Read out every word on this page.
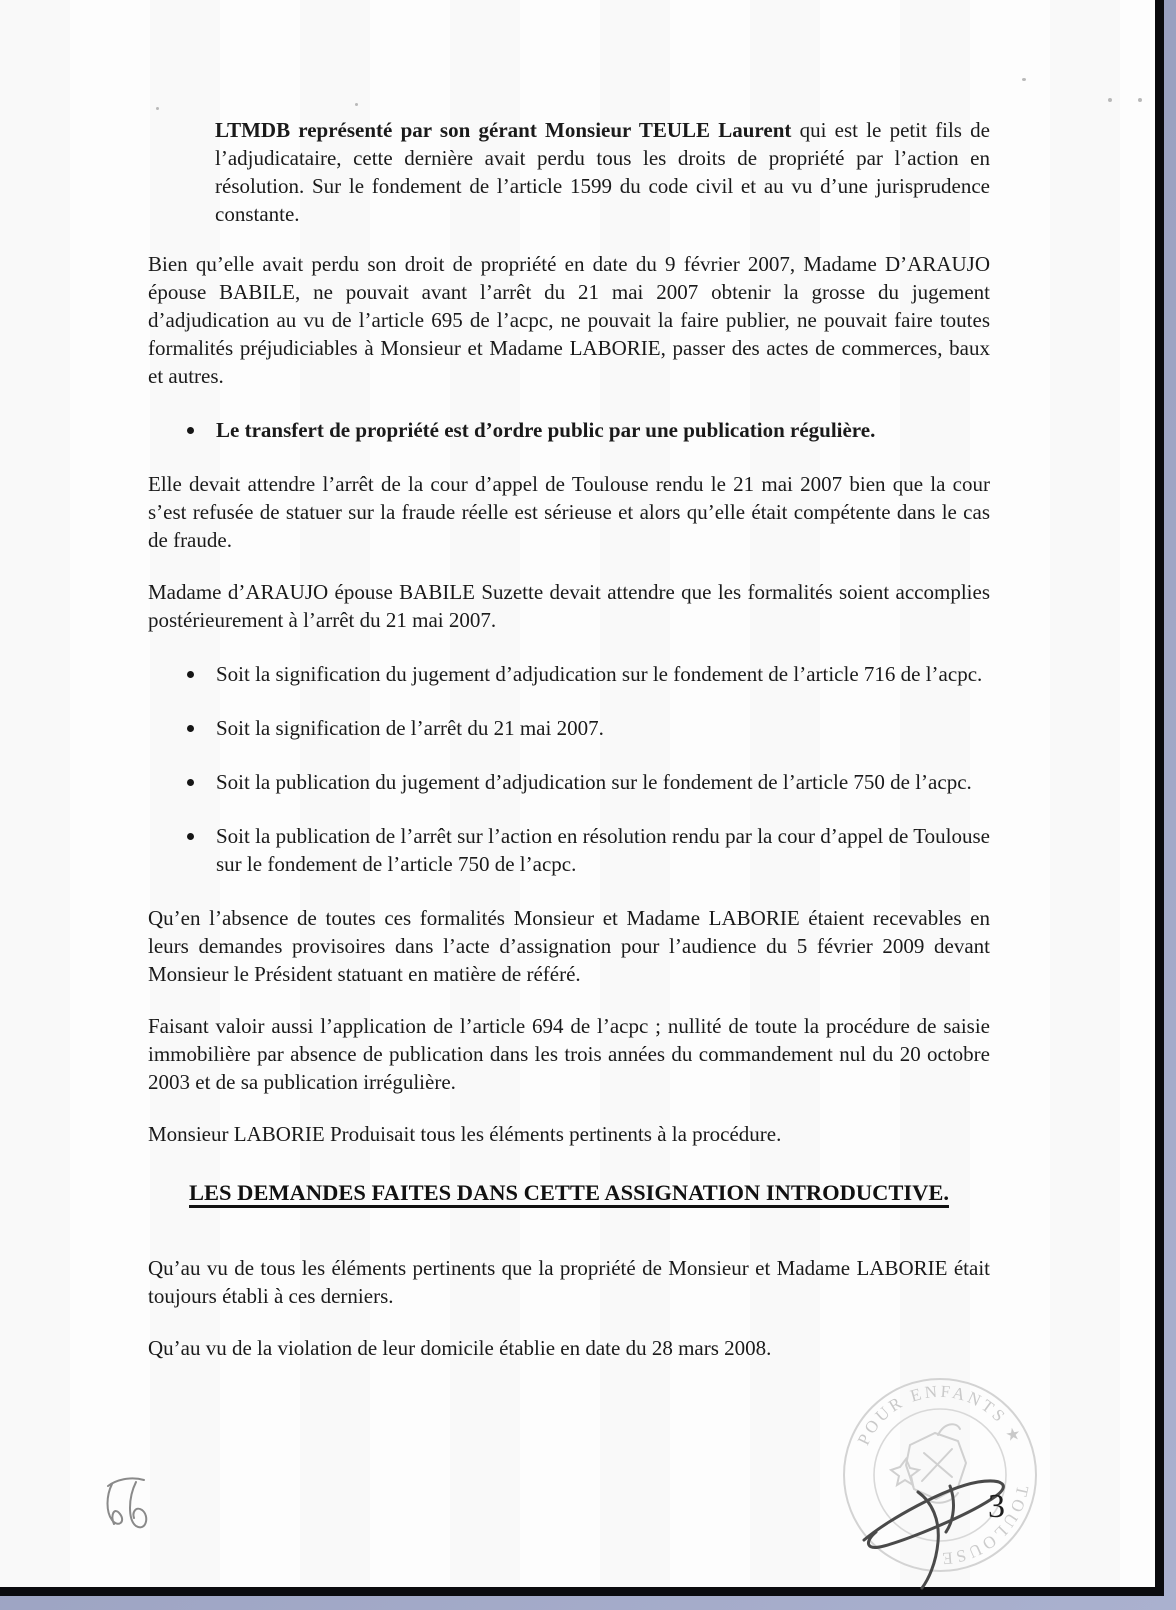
LTMDB représenté par son gérant Monsieur TEULE Laurent qui est le petit fils de l’adjudicataire, cette dernière avait perdu tous les droits de propriété par l’action en résolution. Sur le fondement de l’article 1599 du code civil et au vu d’une jurisprudence constante.

Bien qu’elle avait perdu son droit de propriété en date du 9 février 2007, Madame D’ARAUJO épouse BABILE, ne pouvait avant l’arrêt du 21 mai 2007 obtenir la grosse du jugement d’adjudication au vu de l’article 695 de l’acpc, ne pouvait la faire publier, ne pouvait faire toutes formalités préjudiciables à Monsieur et Madame LABORIE, passer des actes de commerces, baux et autres.

Le transfert de propriété est d’ordre public par une publication régulière.

Elle devait attendre l’arrêt de la cour d’appel de Toulouse rendu le 21 mai 2007 bien que la cour s’est refusée de statuer sur la fraude réelle est sérieuse et alors qu’elle était compétente dans le cas de fraude.

Madame d’ARAUJO épouse BABILE Suzette devait attendre que les formalités soient accomplies postérieurement à l’arrêt du 21 mai 2007.

Soit la signification du jugement d’adjudication sur le fondement de l’article 716 de l’acpc.
Soit la signification de l’arrêt du 21 mai 2007.
Soit la publication du jugement d’adjudication sur le fondement de l’article 750 de l’acpc.
Soit la publication de l’arrêt sur l’action en résolution rendu par la cour d’appel de Toulouse sur le fondement de l’article 750 de l’acpc.

Qu’en l’absence de toutes ces formalités Monsieur et Madame LABORIE étaient recevables en leurs demandes provisoires dans l’acte d’assignation pour l’audience du 5 février 2009 devant Monsieur le Président statuant en matière de référé.

Faisant valoir aussi l’application de l’article 694 de l’acpc ; nullité de toute la procédure de saisie immobilière par absence de publication dans les trois années du commandement nul du 20 octobre 2003 et de sa publication irrégulière.

Monsieur LABORIE Produisait tous les éléments pertinents à la procédure.

LES DEMANDES FAITES DANS CETTE ASSIGNATION INTRODUCTIVE.

Qu’au vu de tous les éléments pertinents que la propriété de Monsieur et Madame LABORIE était toujours établi à ces derniers.

Qu’au vu de la violation de leur domicile établie en date du 28 mars 2008.

POUR ENFANTS ★
TOULOUSE
3
